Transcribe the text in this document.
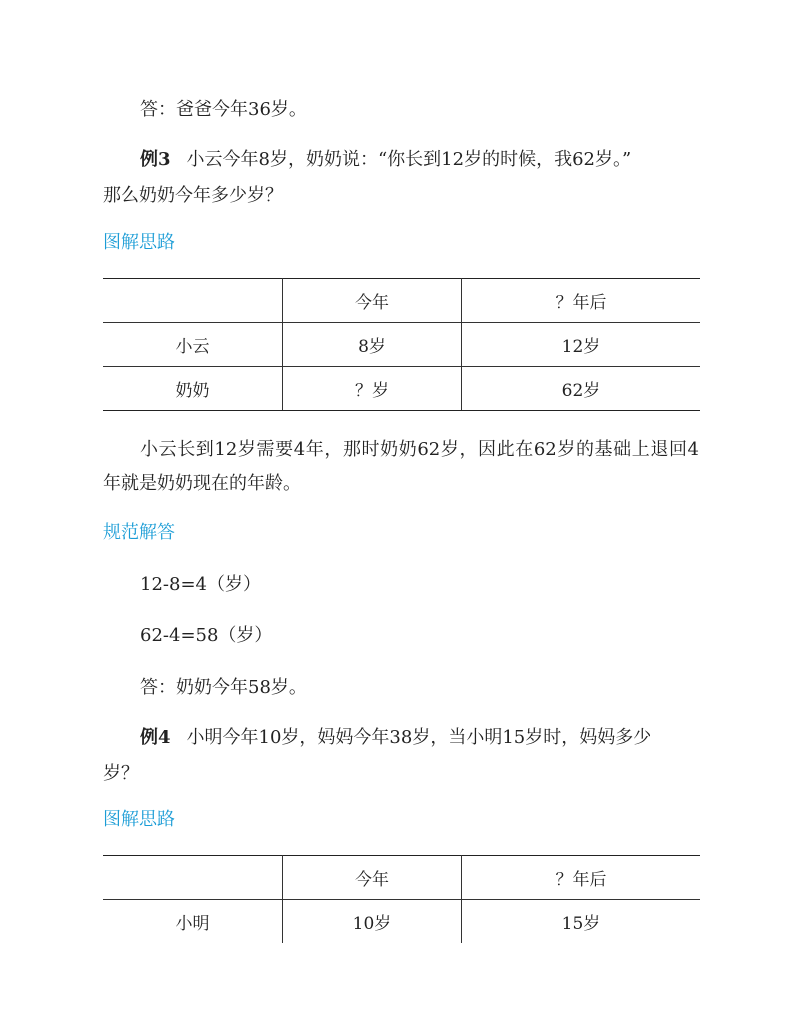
答：爸爸今年36岁。
例3 小云今年8岁，奶奶说：“你长到12岁的时候，我62岁。”
那么奶奶今年多少岁？
图解思路
	今年	？年后
小云	8岁	12岁
奶奶	？岁	62岁
小云长到12岁需要4年，那时奶奶62岁，因此在62岁的基础上退回4年就是奶奶现在的年龄。
规范解答
12-8=4（岁）
62-4=58（岁）
答：奶奶今年58岁。
例4 小明今年10岁，妈妈今年38岁，当小明15岁时，妈妈多少
岁？
图解思路
	今年	？年后
小明	10岁	15岁
